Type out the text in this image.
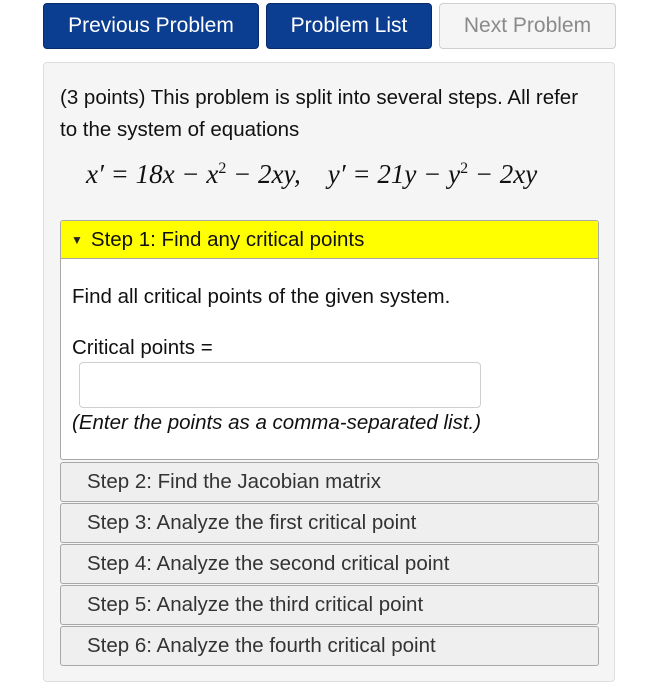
Previous Problem	Problem List	Next Problem
(3 points) This problem is split into several steps. All refer to the system of equations
$x' = 18x - x^2 - 2xy$,    $y' = 21y - y^2 - 2xy$
▼ Step 1: Find any critical points
Find all critical points of the given system.
Critical points =
(Enter the points as a comma-separated list.)
Step 2: Find the Jacobian matrix
Step 3: Analyze the first critical point
Step 4: Analyze the second critical point
Step 5: Analyze the third critical point
Step 6: Analyze the fourth critical point
